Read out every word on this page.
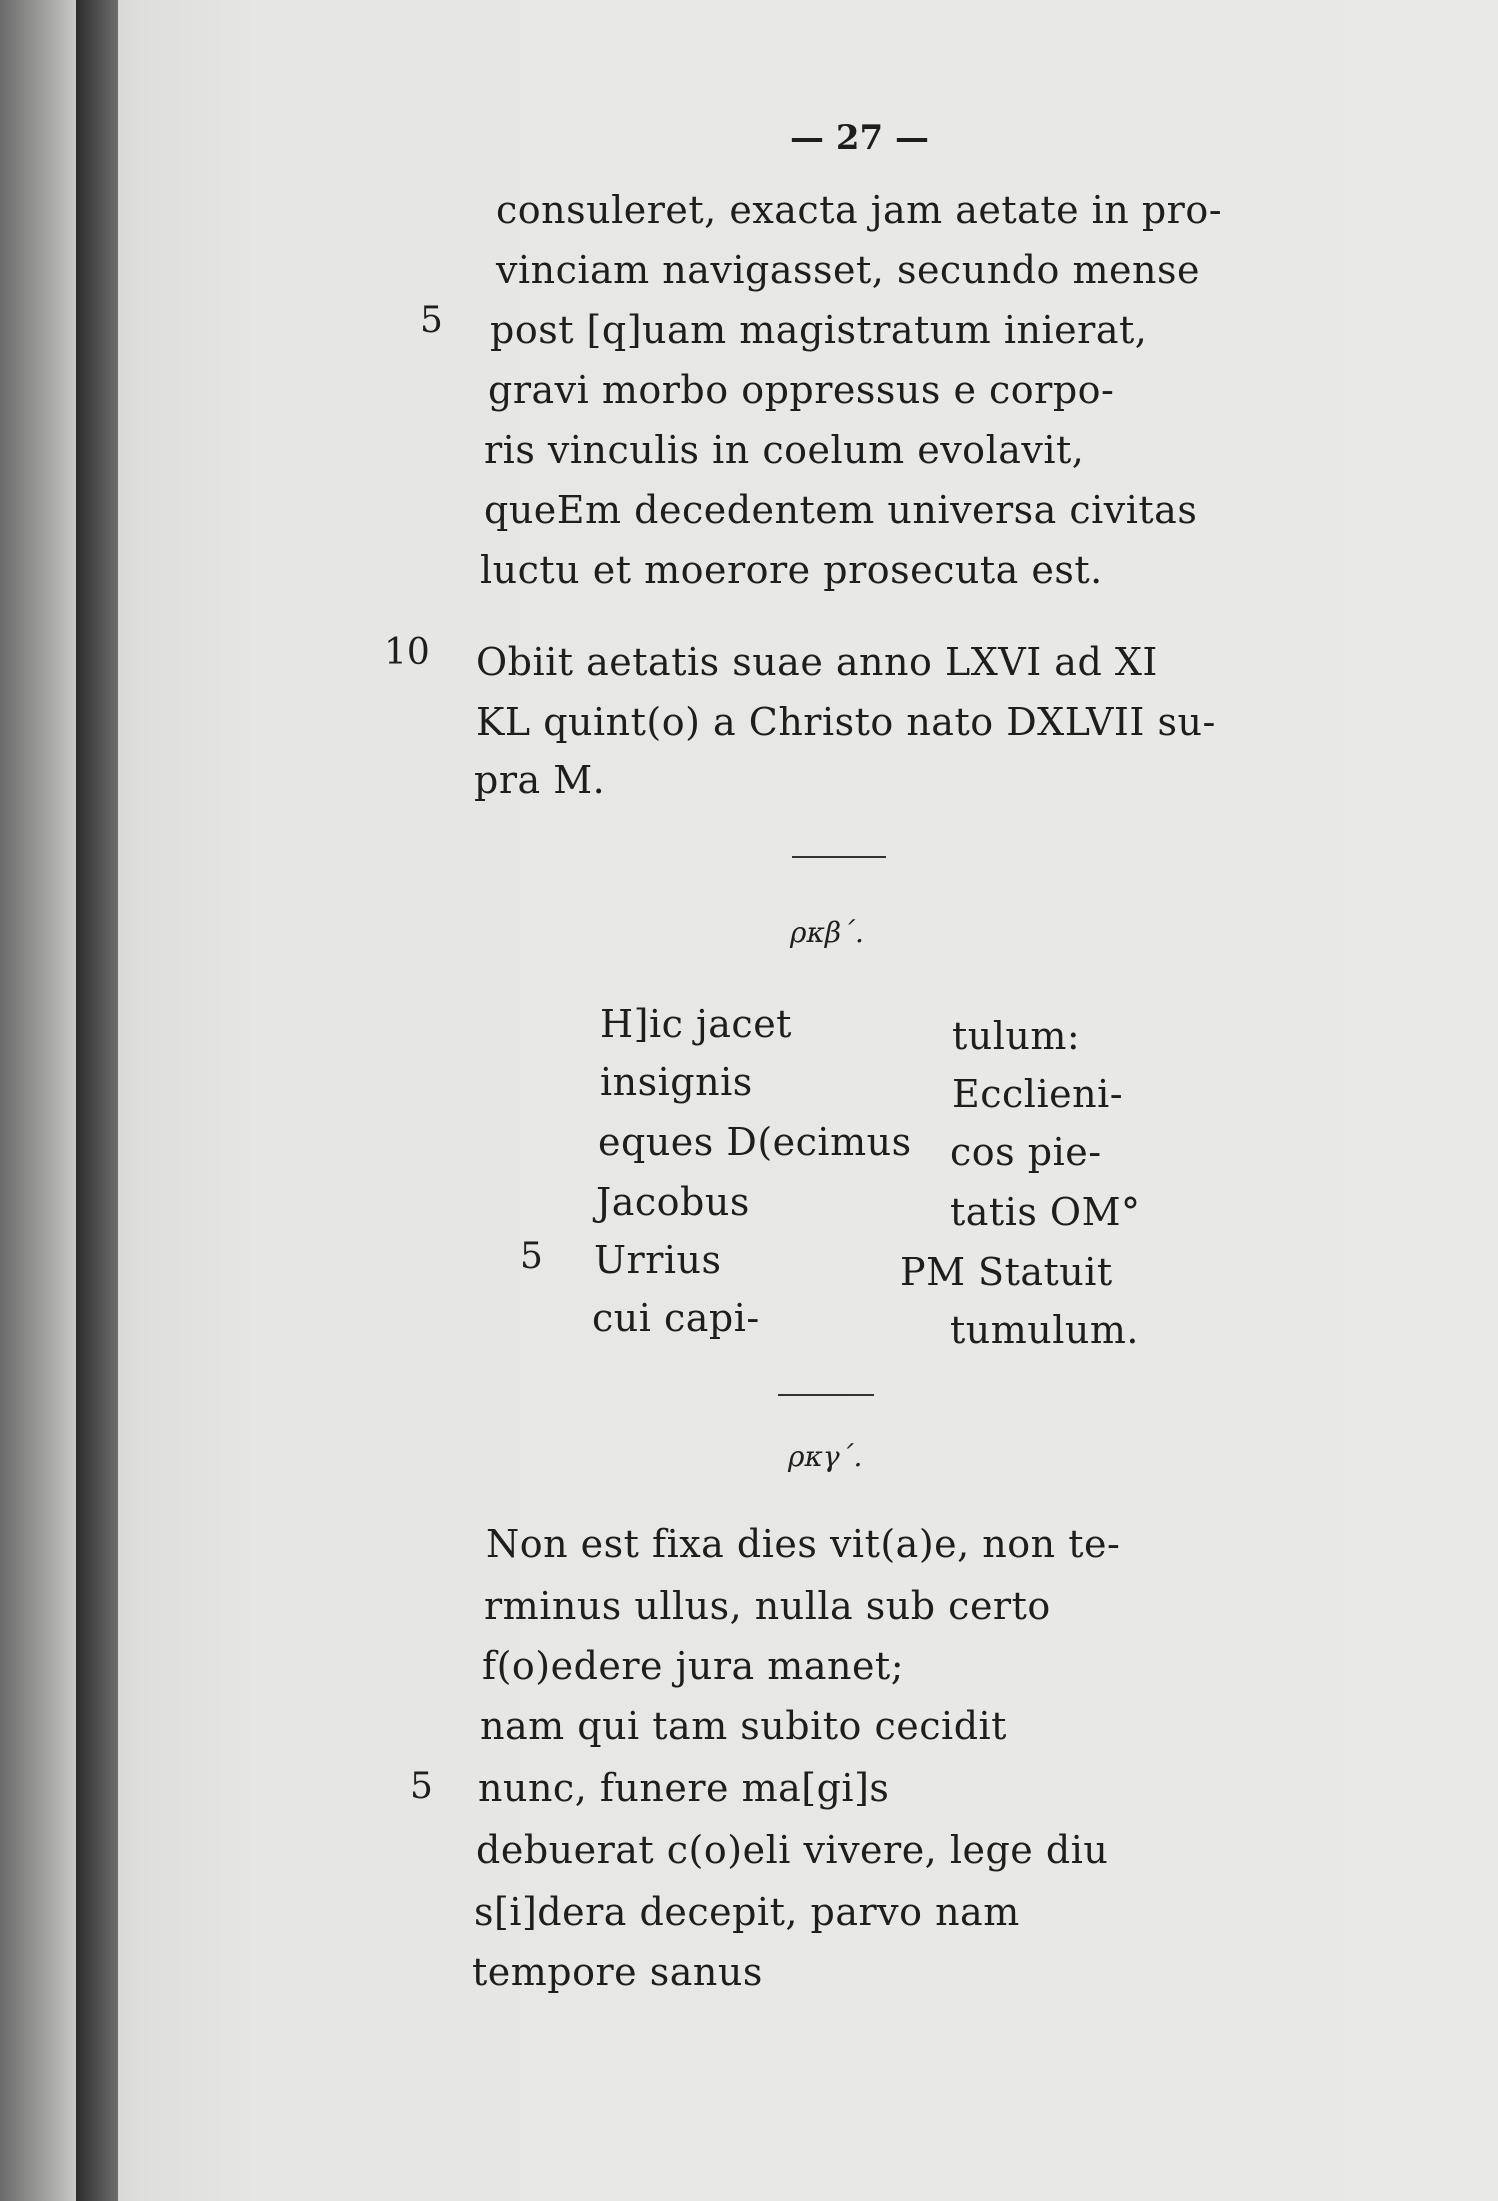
— 27 —
consuleret, exacta jam aetate in pro-
vinciam navigasset, secundo mense
5 post [q]uam magistratum inierat,
gravi morbo oppressus e corpo-
ris vinculis in coelum evolavit,
queEm decedentem universa civitas
luctu et moerore prosecuta est.
10 Obiit aetatis suae anno LXVI ad XI
KL quint(o) a Christo nato DXLVII su-
pra M.
ρκβ΄.
H]ic jacet
insignis
eques D(ecimus
Jacobus
5 Urrius
cui capi-
tulum:
Ecclieni-
cos pie-
tatis OM°
PM Statuit
tumulum.
ρκγ΄.
Non est fixa dies vit(a)e, non te-
rminus ullus, nulla sub certo
f(o)edere jura manet;
nam qui tam subito cecidit
5 nunc, funere ma[gi]s
debuerat c(o)eli vivere, lege diu
s[i]dera decepit, parvo nam
tempore sanus
